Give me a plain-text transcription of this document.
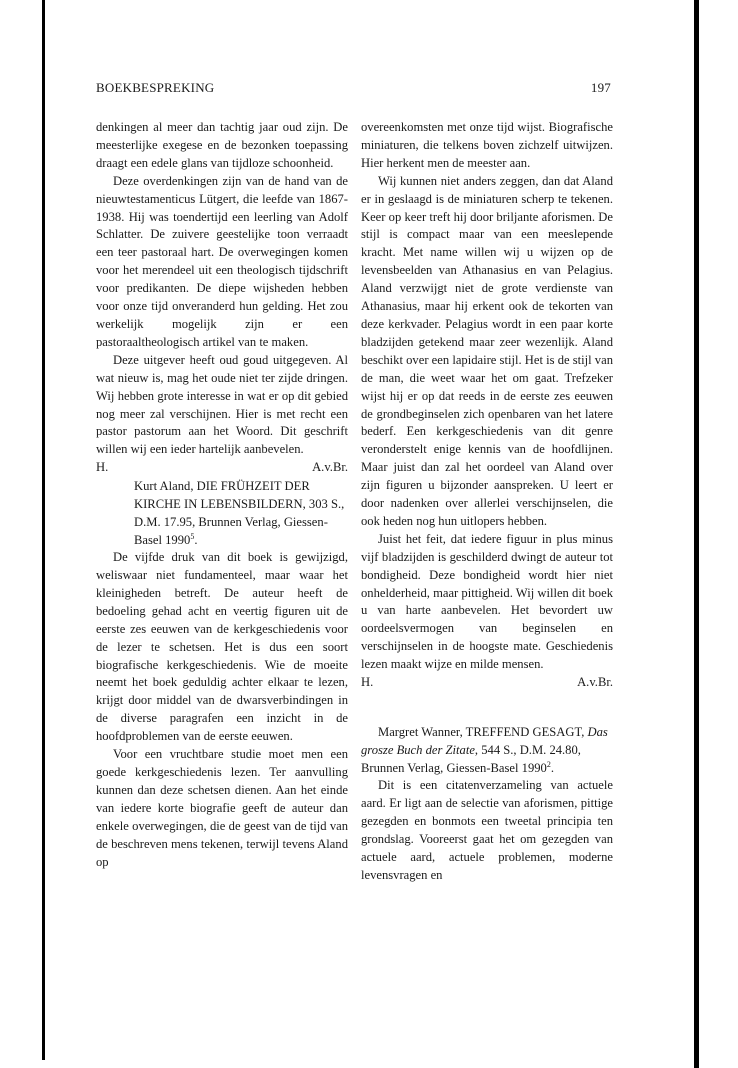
BOEKBESPREKING	197

denkingen al meer dan tachtig jaar oud zijn. De meesterlijke exegese en de bezonken toepassing draagt een edele glans van tijdloze schoonheid.

Deze overdenkingen zijn van de hand van de nieuwtestamenticus Lütgert, die leefde van 1867-1938. Hij was toendertijd een leerling van Adolf Schlatter. De zuivere geestelijke toon verraadt een teer pastoraal hart. De overwegingen komen voor het merendeel uit een theologisch tijdschrift voor predikanten. De diepe wijsheden hebben voor onze tijd onveranderd hun gelding. Het zou werkelijk mogelijk zijn er een pastoraaltheologisch artikel van te maken.

Deze uitgever heeft oud goud uitgegeven. Al wat nieuw is, mag het oude niet ter zijde dringen. Wij hebben grote interesse in wat er op dit gebied nog meer zal verschijnen. Hier is met recht een pastor pastorum aan het Woord. Dit geschrift willen wij een ieder hartelijk aanbevelen.

H.	A.v.Br.

Kurt Aland, DIE FRÜHZEIT DER KIRCHE IN LEBENSBILDERN, 303 S., D.M. 17.95, Brunnen Verlag, Giessen-Basel 1990$^5$.

De vijfde druk van dit boek is gewijzigd, weliswaar niet fundamenteel, maar waar het kleinigheden betreft. De auteur heeft de bedoeling gehad acht en veertig figuren uit de eerste zes eeuwen van de kerkgeschiedenis voor de lezer te schetsen. Het is dus een soort biografische kerkgeschiedenis. Wie de moeite neemt het boek geduldig achter elkaar te lezen, krijgt door middel van de dwarsverbindingen in de diverse paragrafen een inzicht in de hoofdproblemen van de eerste eeuwen.

Voor een vruchtbare studie moet men een goede kerkgeschiedenis lezen. Ter aanvulling kunnen dan deze schetsen dienen. Aan het einde van iedere korte biografie geeft de auteur dan enkele overwegingen, die de geest van de tijd van de beschreven mens tekenen, terwijl tevens Aland op

overeenkomsten met onze tijd wijst. Biografische miniaturen, die telkens boven zichzelf uitwijzen. Hier herkent men de meester aan.

Wij kunnen niet anders zeggen, dan dat Aland er in geslaagd is de miniaturen scherp te tekenen. Keer op keer treft hij door briljante aforismen. De stijl is compact maar van een meeslepende kracht. Met name willen wij u wijzen op de levensbeelden van Athanasius en van Pelagius. Aland verzwijgt niet de grote verdienste van Athanasius, maar hij erkent ook de tekorten van deze kerkvader. Pelagius wordt in een paar korte bladzijden getekend maar zeer wezenlijk. Aland beschikt over een lapidaire stijl. Het is de stijl van de man, die weet waar het om gaat. Trefzeker wijst hij er op dat reeds in de eerste zes eeuwen de grondbeginselen zich openbaren van het latere bederf. Een kerkgeschiedenis van dit genre veronderstelt enige kennis van de hoofdlijnen. Maar juist dan zal het oordeel van Aland over zijn figuren u bijzonder aanspreken. U leert er door nadenken over allerlei verschijnselen, die ook heden nog hun uitlopers hebben.

Juist het feit, dat iedere figuur in plus minus vijf bladzijden is geschilderd dwingt de auteur tot bondigheid. Deze bondigheid wordt hier niet onhelderheid, maar pittigheid. Wij willen dit boek u van harte aanbevelen. Het bevordert uw oordeelsvermogen van beginselen en verschijnselen in de hoogste mate. Geschiedenis lezen maakt wijze en milde mensen.

H.	A.v.Br.

Margret Wanner, TREFFEND GESAGT, Das grosze Buch der Zitate, 544 S., D.M. 24.80, Brunnen Verlag, Giessen-Basel 1990$^2$.

Dit is een citatenverzameling van actuele aard. Er ligt aan de selectie van aforismen, pittige gezegden en bonmots een tweetal principia ten grondslag. Vooreerst gaat het om gezegden van actuele aard, actuele problemen, moderne levensvragen en
